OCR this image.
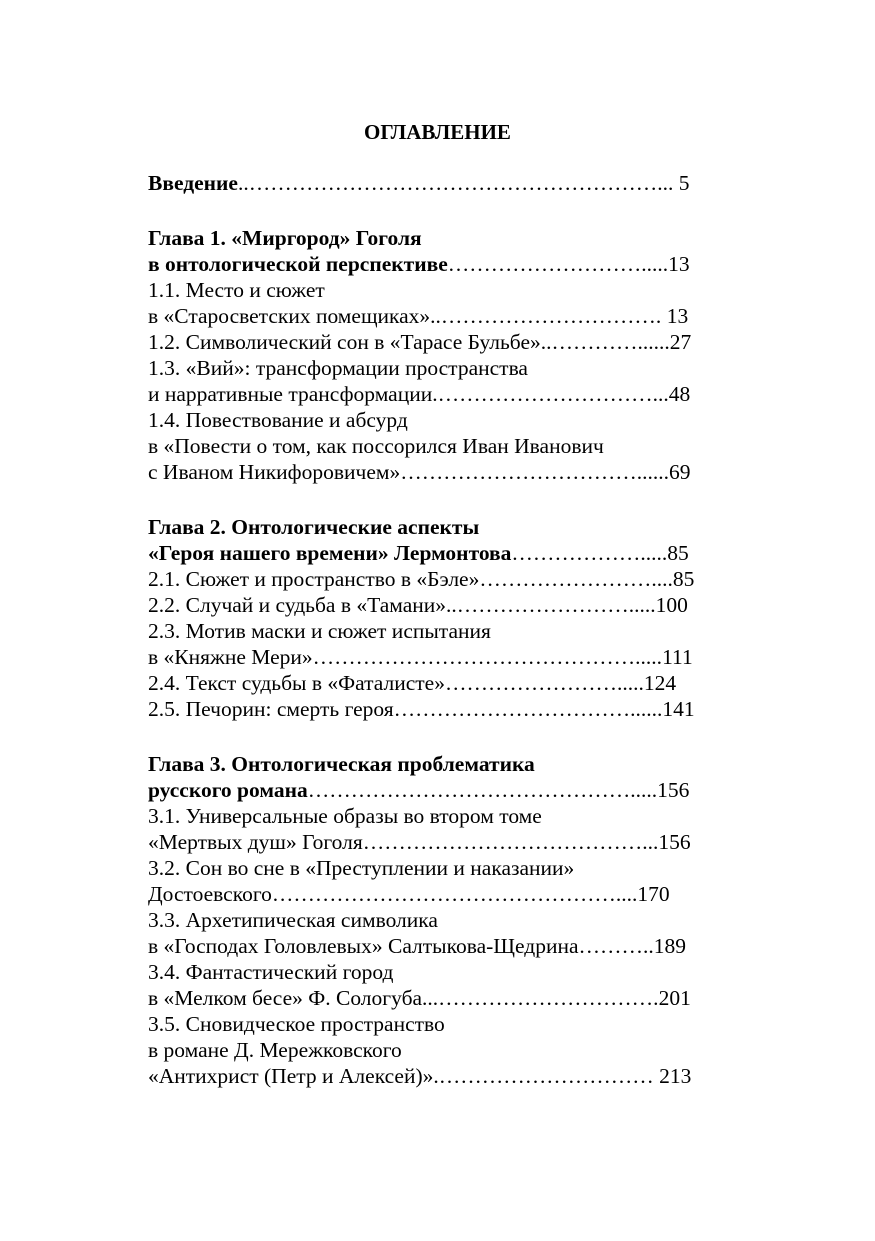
ОГЛАВЛЕНИЕ
Введение..…………………………………………………... 5
Глава 1. «Миргород» Гоголя
в онтологической перспективе……………………….....13
1.1. Место и сюжет
в «Старосветских помещиках»..…………………………. 13
1.2. Символический сон в «Тарасе Бульбе»..…………......27
1.3. «Вий»: трансформации пространства
и нарративные трансформации.…………………………...48
1.4. Повествование и абсурд
в «Повести о том, как поссорился Иван Иванович
с Иваном Никифоровичем»……………………………......69
Глава 2. Онтологические аспекты
«Героя нашего времени» Лермонтова……………….....85
2.1. Сюжет и пространство в «Бэле»……………………....85
2.2. Случай и судьба в «Тамани»..…………………….....100
2.3. Мотив маски и сюжет испытания
в «Княжне Мери»……………………………………….....111
2.4. Текст судьбы в «Фаталисте»…………………….....124
2.5. Печорин: смерть героя……………………………......141
Глава 3. Онтологическая проблематика
русского романа……………………………………….....156
3.1. Универсальные образы во втором томе
«Мертвых душ» Гоголя…………………………………...156
3.2. Сон во сне в «Преступлении и наказании»
Достоевского…………………………………………....170
3.3. Архетипическая символика
в «Господах Головлевых» Салтыкова-Щедрина………..189
3.4. Фантастический город
в «Мелком бесе» Ф. Сологуба...………………………….201
3.5. Сновидческое пространство
в романе Д. Мережковского
«Антихрист (Петр и Алексей)».………………………… 213
